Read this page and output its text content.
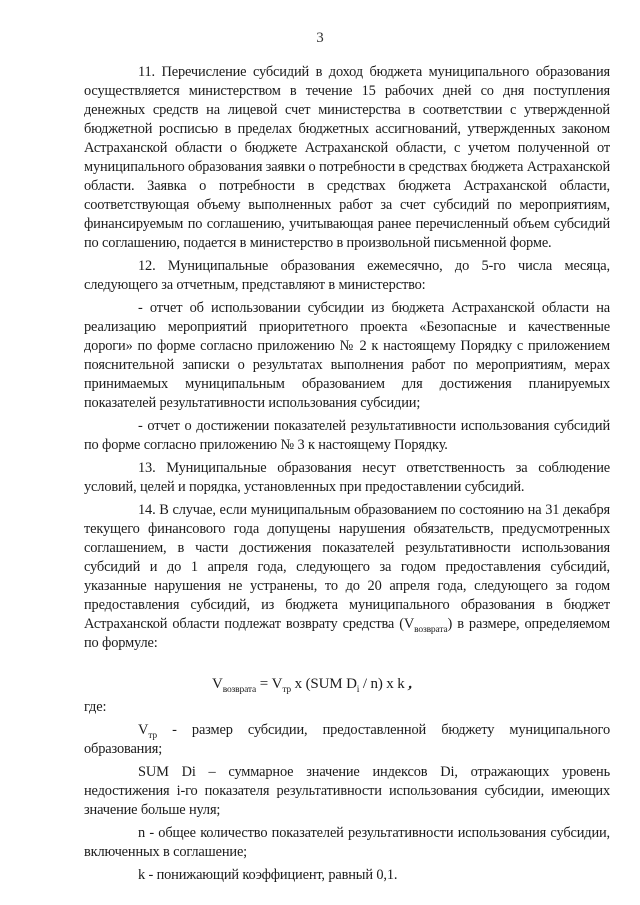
3

11. Перечисление субсидий в доход бюджета муниципального образования осуществляется министерством в течение 15 рабочих дней со дня поступления денежных средств на лицевой счет министерства в соответствии с утвержденной бюджетной росписью в пределах бюджетных ассигнований, утвержденных законом Астраханской области о бюджете Астраханской области, с учетом полученной от муниципального образования заявки о потребности в средствах бюджета Астраханской области. Заявка о потребности в средствах бюджета Астраханской области, соответствующая объему выполненных работ за счет субсидий по мероприятиям, финансируемым по соглашению, учитывающая ранее перечисленный объем субсидий по соглашению, подается в министерство в произвольной письменной форме.

12. Муниципальные образования ежемесячно, до 5-го числа месяца, следующего за отчетным, представляют в министерство:

- отчет об использовании субсидии из бюджета Астраханской области на реализацию мероприятий приоритетного проекта «Безопасные и качественные дороги» по форме согласно приложению № 2 к настоящему Порядку с приложением пояснительной записки о результатах выполнения работ по мероприятиям, мерах принимаемых муниципальным образованием для достижения планируемых показателей результативности использования субсидии;

- отчет о достижении показателей результативности использования субсидий по форме согласно приложению № 3 к настоящему Порядку.

13. Муниципальные образования несут ответственность за соблюдение условий, целей и порядка, установленных при предоставлении субсидий.

14. В случае, если муниципальным образованием по состоянию на 31 декабря текущего финансового года допущены нарушения обязательств, предусмотренных соглашением, в части достижения показателей результативности использования субсидий и до 1 апреля года, следующего за годом предоставления субсидий, указанные нарушения не устранены, то до 20 апреля года, следующего за годом предоставления субсидий, из бюджета муниципального образования в бюджет Астраханской области подлежат возврату средства $(V_{возврата})$ в размере, определяемом по формуле:

$V_{возврата} = V_{тр}$ х (SUM $D_i / n$) x k ,

где:

$V_{тр}$ - размер субсидии, предоставленной бюджету муниципального образования;

SUM Di – суммарное значение индексов Di, отражающих уровень недостижения i-го показателя результативности использования субсидии, имеющих значение больше нуля;

n - общее количество показателей результативности использования субсидии, включенных в соглашение;

k - понижающий коэффициент, равный 0,1.
